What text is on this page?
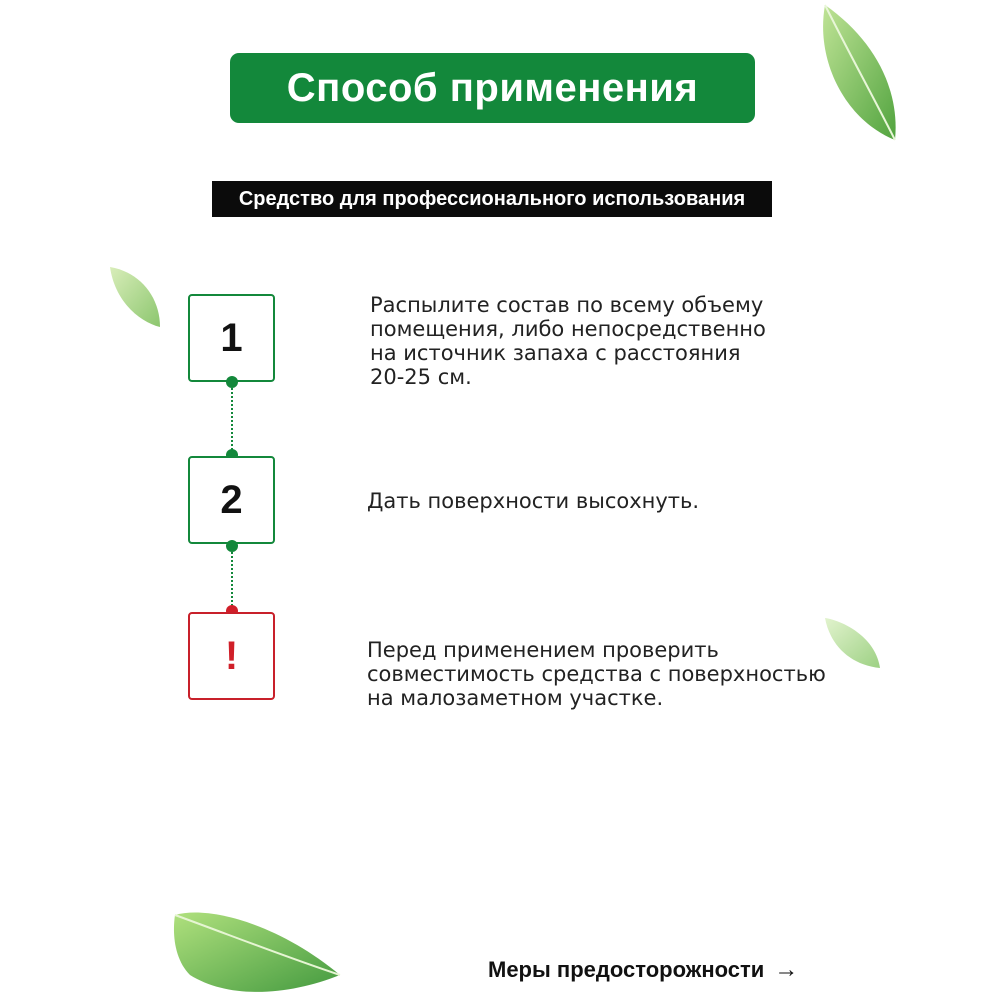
Способ применения
Средство для профессионального использования
1
Распылите состав по всему объему
помещения, либо непосредственно
на источник запаха с расстояния
20-25 см.
2	Дать поверхности высохнуть.
!	Перед применением проверить
совместимость средства с поверхностью
на малозаметном участке.
Меры предосторожности →
